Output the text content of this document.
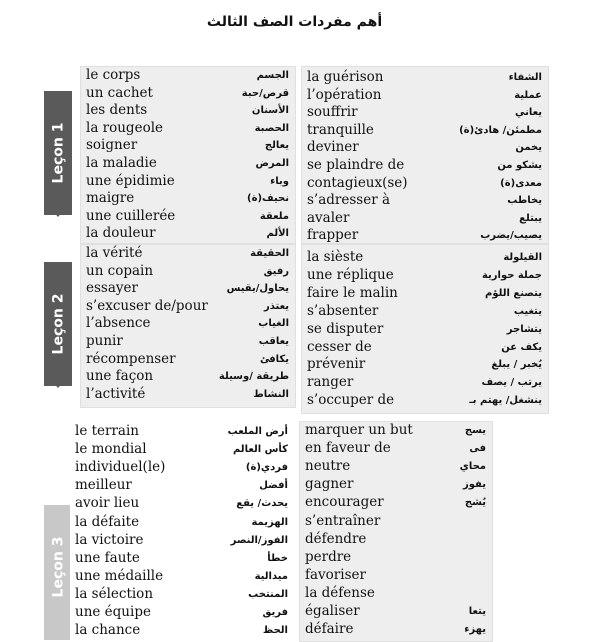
أهم مفردات الصف الثالث
Leçon 1
Leçon 2
Leçon 3
le corps	الجسم
un cachet	قرص/حبة
les dents	الأسنان
la rougeole	الحصبة
soigner	يعالج
la maladie	المرض
une épidimie	وباء
maigre	نحيف(ة)
une cuillerée	ملعقة
la douleur	الألم
la guérison	الشفاء
l’opération	عملية
souffrir	يعاني
tranquille	مطمئن/ هادئ(ة)
deviner	يخمن
se plaindre de	يشكو من
contagieux(se)	معدى(ة)
s’adresser à	يخاطب
avaler	يبتلع
frapper	يصيب/يضرب
la vérité	الحقيقة
un copain	رفيق
essayer	يحاول/يقيس
s’excuser de/pour	يعتذر
l’absence	الغياب
punir	يعاقب
récompenser	يكافئ
une façon	طريقة /وسيلة
l’activité	النشاط
la sièste	القيلولة
une réplique	جملة حوارية
faire le malin	يتصنع اللؤم
s’absenter	يتغيب
se disputer	يتشاجر
cesser de	يكف عن
prévenir	يُخبر / يبلغ
ranger	يرتب / يصف
s’occuper de	ينشغل/ يهتم بـ
le terrain	أرض الملعب
le mondial	كأس العالم
individuel(le)	فردي(ة)
meilleur	أفضل
avoir lieu	يحدث/ يقع
la défaite	الهزيمة
la victoire	الفوز/النصر
une faute	خطأ
une médaille	ميدالية
la sélection	المنتخب
une équipe	فريق
la chance	الحظ
marquer un but	يسج
en faveur de	فى
neutre	محاي
gagner	يفوز
encourager	يُشج
s’entraîner
défendre
perdre
favoriser
la défense
égaliser	يتعا
défaire	يهزء
